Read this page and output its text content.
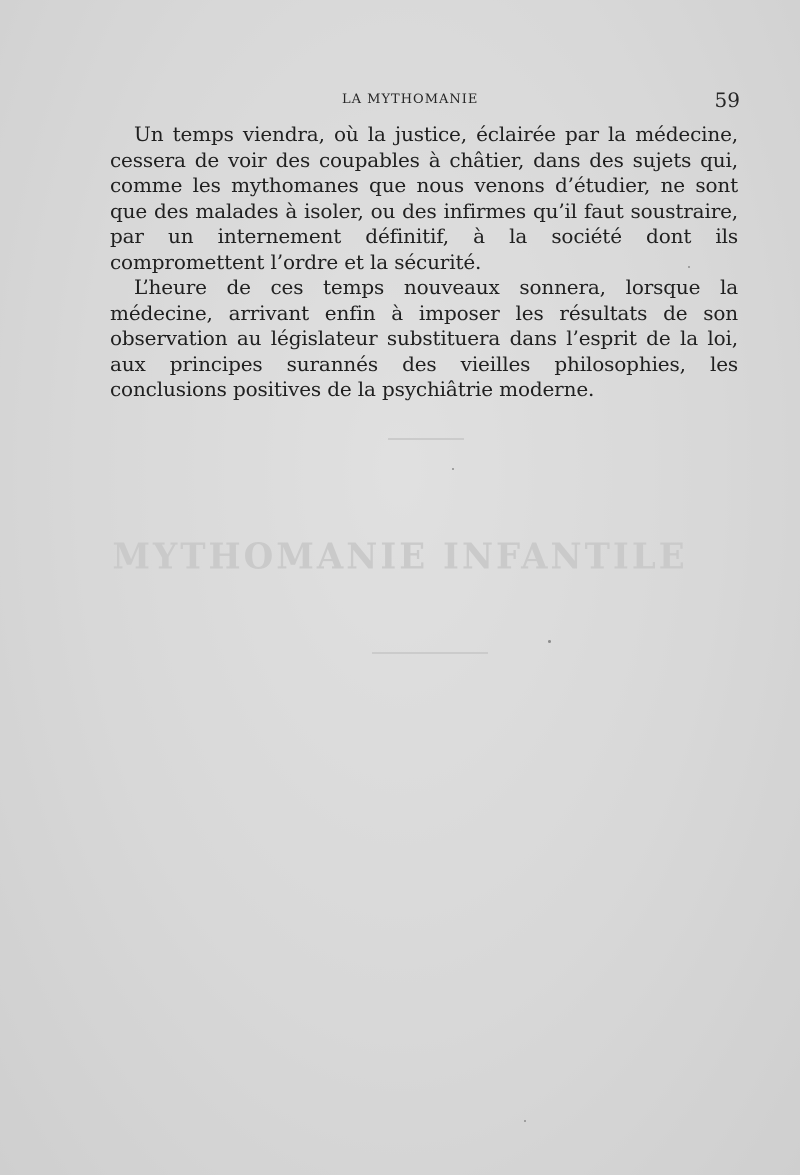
LA MYTHOMANIE	59

Un temps viendra, où la justice, éclairée par la médecine, cessera de voir des coupables à châtier, dans des sujets qui, comme les mythomanes que nous venons d’étudier, ne sont que des malades à isoler, ou des infirmes qu’il faut soustraire, par un internement définitif, à la société dont ils compromettent l’ordre et la sécurité.

L’heure de ces temps nouveaux sonnera, lorsque la médecine, arrivant enfin à imposer les résultats de son observation au législateur substituera dans l’esprit de la loi, aux principes surannés des vieilles philosophies, les conclusions positives de la psychiâtrie moderne.

MYTHOMANIE INFANTILE
